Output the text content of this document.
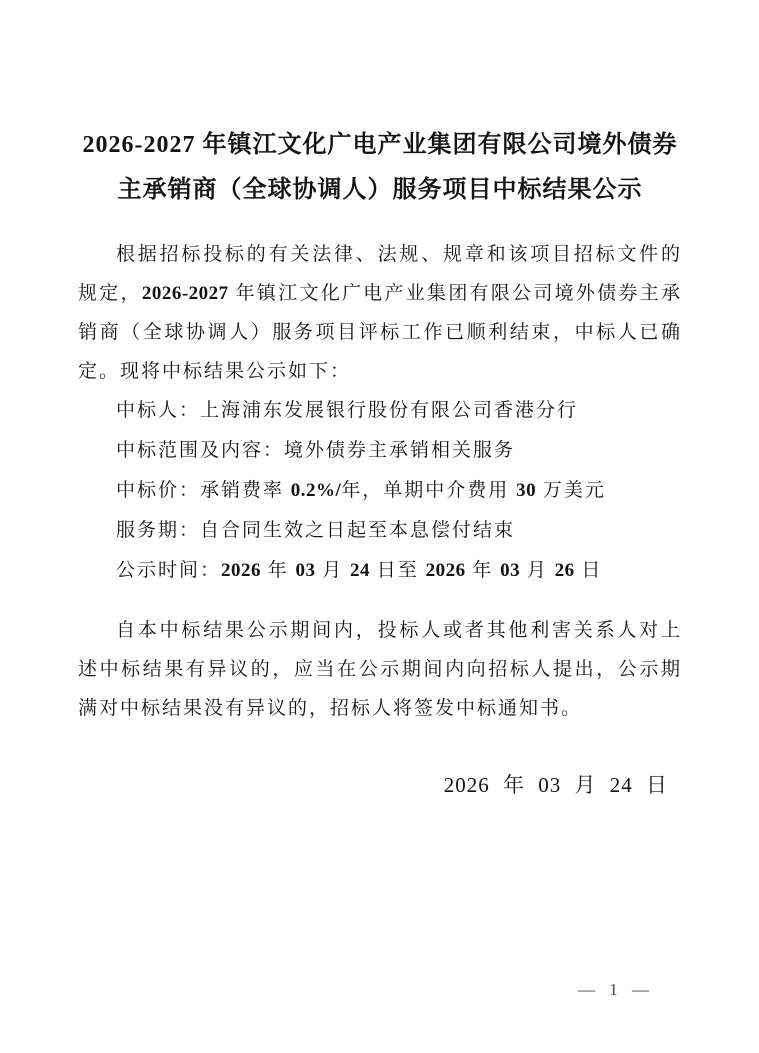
2026-2027 年镇江文化广电产业集团有限公司境外债券主承销商（全球协调人）服务项目中标结果公示

根据招标投标的有关法律、法规、规章和该项目招标文件的规定，2026-2027 年镇江文化广电产业集团有限公司境外债券主承销商（全球协调人）服务项目评标工作已顺利结束，中标人已确定。现将中标结果公示如下：

中标人：上海浦东发展银行股份有限公司香港分行

中标范围及内容：境外债券主承销相关服务

中标价：承销费率 0.2%/年，单期中介费用 30 万美元

服务期：自合同生效之日起至本息偿付结束

公示时间：2026 年 03 月 24 日至 2026 年 03 月 26 日

自本中标结果公示期间内，投标人或者其他利害关系人对上述中标结果有异议的，应当在公示期间内向招标人提出，公示期满对中标结果没有异议的，招标人将签发中标通知书。

2026 年 03 月 24 日

— 1 —
